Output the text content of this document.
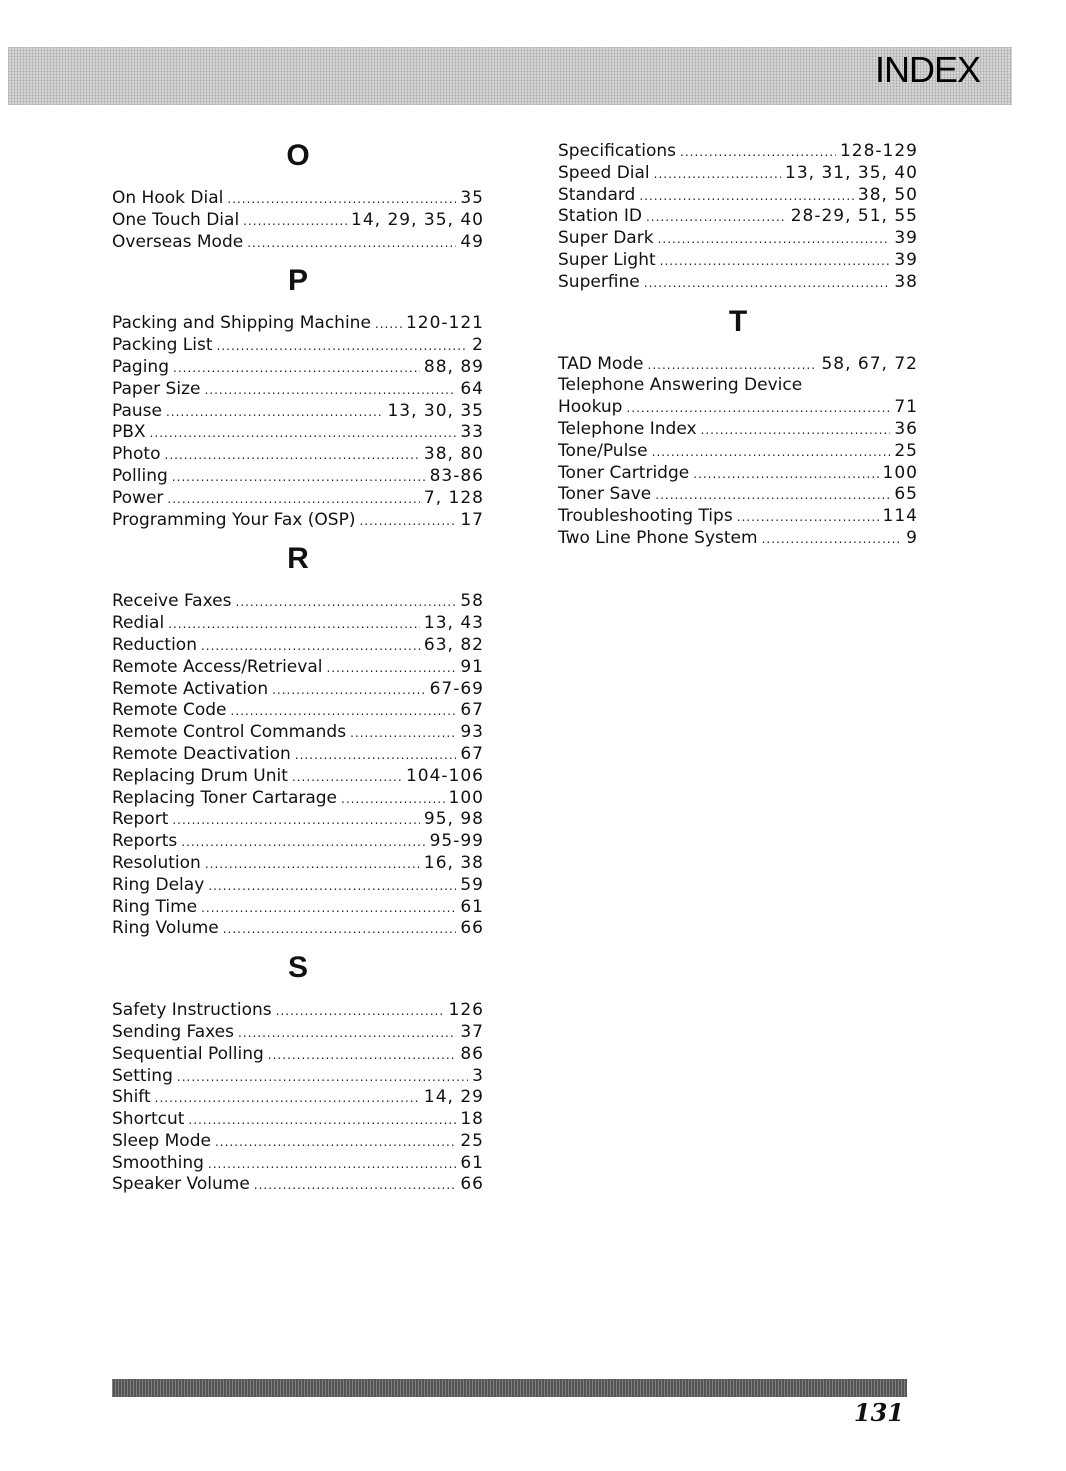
INDEX
O
On Hook Dial .....	35
One Touch Dial .....	14, 29, 35, 40
Overseas Mode .....	49
P
Packing and Shipping Machine ..... 120-121
Packing List .....	2
Paging .....	88, 89
Paper Size .....	64
Pause .....	13, 30, 35
PBX .....	33
Photo .....	38, 80
Polling .....	83-86
Power .....	7, 128
Programming Your Fax (OSP) .....	17
R
Receive Faxes .....	58
Redial .....	13, 43
Reduction .....	63, 82
Remote Access/Retrieval .....	91
Remote Activation .....	67-69
Remote Code .....	67
Remote Control Commands .....	93
Remote Deactivation .....	67
Replacing Drum Unit .....	104-106
Replacing Toner Cartarage .....	100
Report .....	95, 98
Reports .....	95-99
Resolution .....	16, 38
Ring Delay .....	59
Ring Time .....	61
Ring Volume .....	66
S
Safety Instructions .....	126
Sending Faxes .....	37
Sequential Polling .....	86
Setting .....	3
Shift .....	14, 29
Shortcut .....	18
Sleep Mode .....	25
Smoothing .....	61
Speaker Volume .....	66
Specifications .....	128-129
Speed Dial .....	13, 31, 35, 40
Standard .....	38, 50
Station ID .....	28-29, 51, 55
Super Dark .....	39
Super Light .....	39
Superfine .....	38
T
TAD Mode .....	58, 67, 72
Telephone Answering Device
Hookup .....	71
Telephone Index .....	36
Tone/Pulse .....	25
Toner Cartridge .....	100
Toner Save .....	65
Troubleshooting Tips .....	114
Two Line Phone System .....	9
131
